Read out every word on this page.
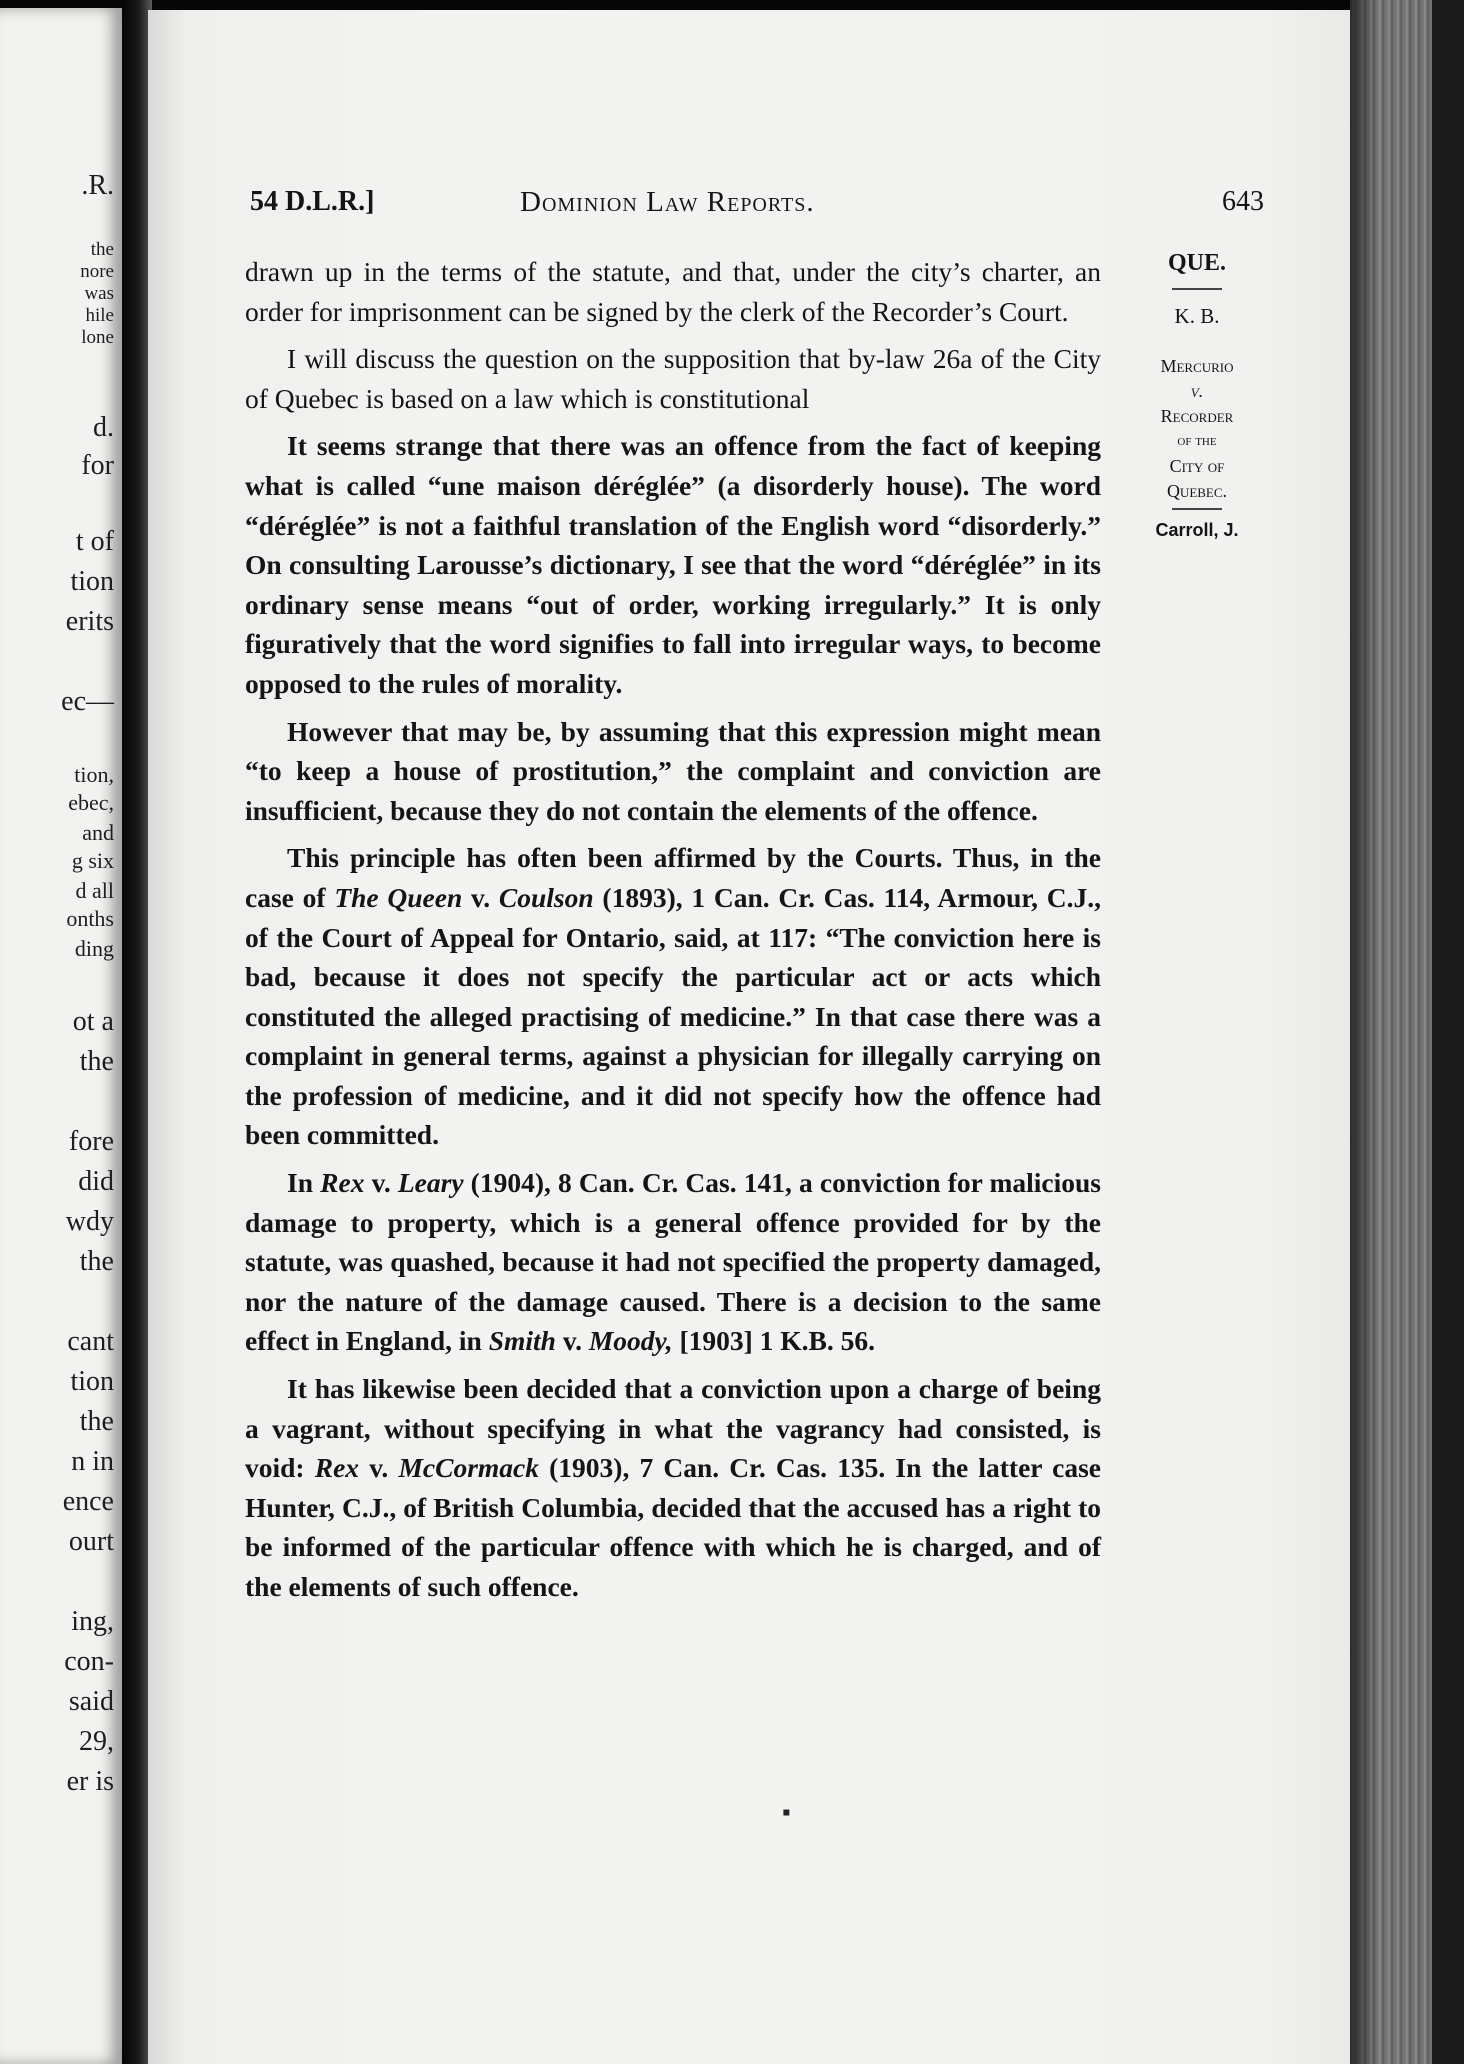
.R.
the
nore
was
hile
lone
d.
for
t of
tion
erits
ec—
tion,
ebec,
and
g six
d all
onths
ding
ot a
the
fore
did
wdy
the
cant
tion
the
n in
ence
ourt
ing,
con-
said
29,
er is
54 D.L.R.]	Dominion Law Reports.	643
QUE.
K. B.
Mercurio
v.
Recorder
of the
City of
Quebec.
Carroll, J.

drawn up in the terms of the statute, and that, under the city’s charter, an order for imprisonment can be signed by the clerk of the Recorder’s Court.

I will discuss the question on the supposition that by-law 26a of the City of Quebec is based on a law which is constitutional

It seems strange that there was an offence from the fact of keeping what is called “une maison déréglée” (a disorderly house). The word “déréglée” is not a faithful translation of the English word “disorderly.” On consulting Larousse’s dictionary, I see that the word “déréglée” in its ordinary sense means “out of order, working irregularly.” It is only figuratively that the word signifies to fall into irregular ways, to become opposed to the rules of morality.

However that may be, by assuming that this expression might mean “to keep a house of prostitution,” the complaint and conviction are insufficient, because they do not contain the elements of the offence.

This principle has often been affirmed by the Courts. Thus, in the case of The Queen v. Coulson (1893), 1 Can. Cr. Cas. 114, Armour, C.J., of the Court of Appeal for Ontario, said, at 117: “The conviction here is bad, because it does not specify the particular act or acts which constituted the alleged practising of medicine.” In that case there was a complaint in general terms, against a physician for illegally carrying on the profession of medicine, and it did not specify how the offence had been committed.

In Rex v. Leary (1904), 8 Can. Cr. Cas. 141, a conviction for malicious damage to property, which is a general offence provided for by the statute, was quashed, because it had not specified the property damaged, nor the nature of the damage caused. There is a decision to the same effect in England, in Smith v. Moody, [1903] 1 K.B. 56.

It has likewise been decided that a conviction upon a charge of being a vagrant, without specifying in what the vagrancy had consisted, is void: Rex v. McCormack (1903), 7 Can. Cr. Cas. 135. In the latter case Hunter, C.J., of British Columbia, decided that the accused has a right to be informed of the particular offence with which he is charged, and of the elements of such offence.

▪
